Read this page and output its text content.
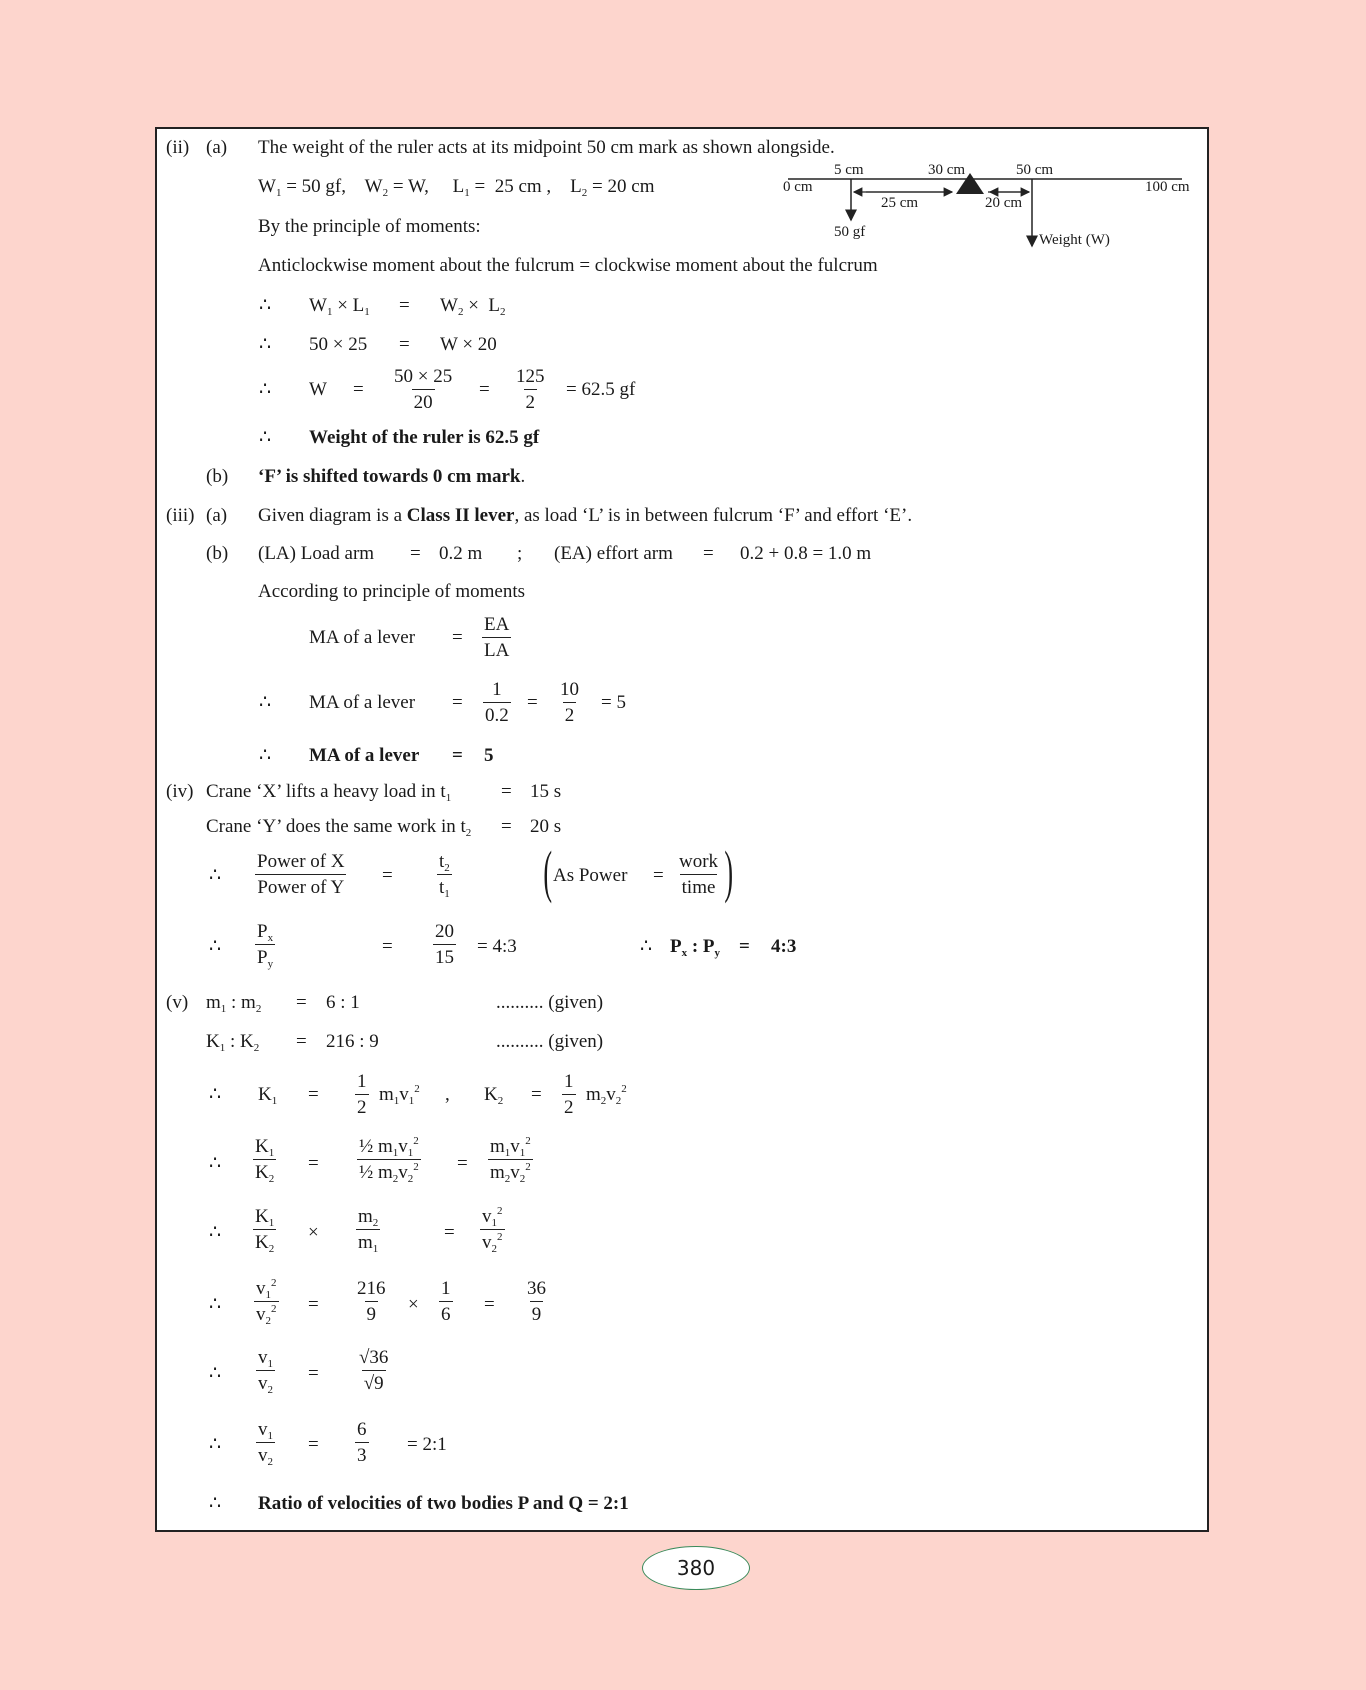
(ii) (a) The weight of the ruler acts at its midpoint 50 cm mark as shown alongside.
$W_1 = 50$ gf,    $W_2 = W$,     $L_1 = 25$ cm ,    $L_2 = 20$ cm
By the principle of moments:
Anticlockwise moment about the fulcrum = clockwise moment about the fulcrum
∴ $W_1 \times L_1 = W_2 \times L_2$
∴ 50 × 25 = W × 20
∴ $W = \frac{50 \times 25}{20} = \frac{125}{2} = 62.5$ gf
∴ Weight of the ruler is 62.5 gf
(b) ‘F’ is shifted towards 0 cm mark.
5 cm	30 cm	50 cm
0 cm	100 cm
25 cm	20 cm
50 gf	Weight (W)
(iii) (a) Given diagram is a Class II lever, as load ‘L’ is in between fulcrum ‘F’ and effort ‘E’.
(b) (LA) Load arm = 0.2 m ; (EA) effort arm = 0.2 + 0.8 = 1.0 m
According to principle of moments
MA of a lever = $\frac{EA}{LA}$
∴ MA of a lever = $\frac{1}{0.2} = \frac{10}{2} = 5$
∴ MA of a lever = 5
(iv) Crane ‘X’ lifts a heavy load in $t_1$	= 15 s
Crane ‘Y’ does the same work in $t_2 = 20$ s
∴
Power of X
Power of Y
= $\frac{t_2}{t_1}$ ( As Power =
work
time )
∴ $\frac{P_x}{P_y}$	= $\frac{20}{15}$ = 4:3	∴ $P_x$ : $P_y$ = 4:3
(v) $m_1$ : $m_2 = 6$ : 1	.......... (given)
$K_1$ : $K_2 = 216$ : 9	.......... (given)
∴ $K_1 = \frac{1}{2} m_1v_1^2$ , $K_2 = \frac{1}{2} m_2v_2^2$
∴ $\frac{K_1}{K_2} = \frac{\frac{1}{2} m_1v_1^2}{\frac{1}{2} m_2v_2^2} = \frac{m_1v_1^2}{m_2v_2^2}$
∴ $\frac{K_1}{K_2} \times \frac{m_2}{m_1}$	= $\frac{v_1^2}{v_2^2}$
∴ $\frac{v_1^2}{v_2^2} = \frac{216}{9} \times \frac{1}{6} = \frac{36}{9}$
∴ $\frac{v_1}{v_2} = \frac{√36}{√9}$
∴ $\frac{v_1}{v_2} = \frac{6}{3}$ = 2:1
∴ Ratio of velocities of two bodies P and Q = 2:1
380
